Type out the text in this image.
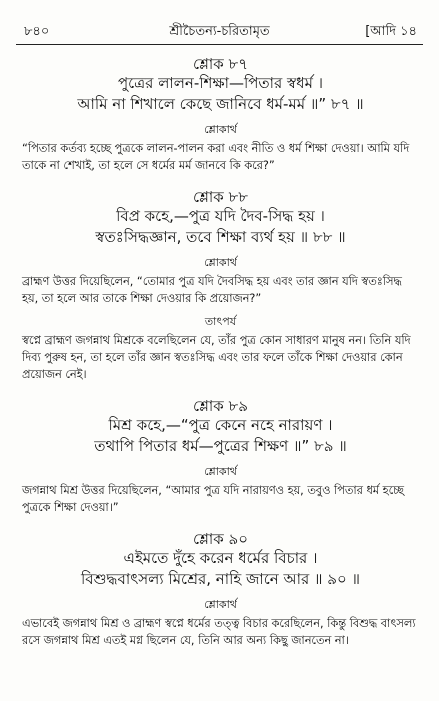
৮৪০	শ্রীচৈতন্য-চরিতামৃত	[আদি ১৪
শ্লোক ৮৭
পুত্রের লালন-শিক্ষা—পিতার স্বধর্ম ।
আমি না শিখালে কেছে জানিবে ধর্ম-মর্ম ॥” ৮৭ ॥
শ্লোকার্থ
“পিতার কর্তব্য হচ্ছে পুত্রকে লালন-পালন করা এবং নীতি ও ধর্ম শিক্ষা দেওয়া। আমি যদি তাকে না শেখাই, তা হলে সে ধর্মের মর্ম জানবে কি করে?”
শ্লোক ৮৮
বিপ্র কহে,—পুত্র যদি দৈব-সিদ্ধ হয় ।
স্বতঃসিদ্ধজ্ঞান, তবে শিক্ষা ব্যর্থ হয় ॥ ৮৮ ॥
শ্লোকার্থ
ব্রাহ্মণ উত্তর দিয়েছিলেন, “তোমার পুত্র যদি দৈবসিদ্ধ হয় এবং তার জ্ঞান যদি স্বতঃসিদ্ধ হয়, তা হলে আর তাকে শিক্ষা দেওয়ার কি প্রয়োজন?”
তাৎপর্য
স্বপ্নে ব্রাহ্মণ জগন্নাথ মিশ্রকে বলেছিলেন যে, তাঁর পুত্র কোন সাধারণ মানুষ নন। তিনি যদি দিব্য পুরুষ হন, তা হলে তাঁর জ্ঞান স্বতঃসিদ্ধ এবং তার ফলে তাঁকে শিক্ষা দেওয়ার কোন প্রয়োজন নেই।
শ্লোক ৮৯
মিশ্র কহে,—“পুত্র কেনে নহে নারায়ণ ।
তথাপি পিতার ধর্ম—পুত্রের শিক্ষণ ॥” ৮৯ ॥
শ্লোকার্থ
জগন্নাথ মিশ্র উত্তর দিয়েছিলেন, “আমার পুত্র যদি নারায়ণও হয়, তবুও পিতার ধর্ম হচ্ছে পুত্রকে শিক্ষা দেওয়া।”
শ্লোক ৯০
এইমতে দুঁহে করেন ধর্মের বিচার ।
বিশুদ্ধবাৎসল্য মিশ্রের, নাহি জানে আর ॥ ৯০ ॥
শ্লোকার্থ
এভাবেই জগন্নাথ মিশ্র ও ব্রাহ্মণ স্বপ্নে ধর্মের তত্ত্ব বিচার করেছিলেন, কিন্তু বিশুদ্ধ বাৎসল্য রসে জগন্নাথ মিশ্র এতই মগ্ন ছিলেন যে, তিনি আর অন্য কিছু জানতেন না।
